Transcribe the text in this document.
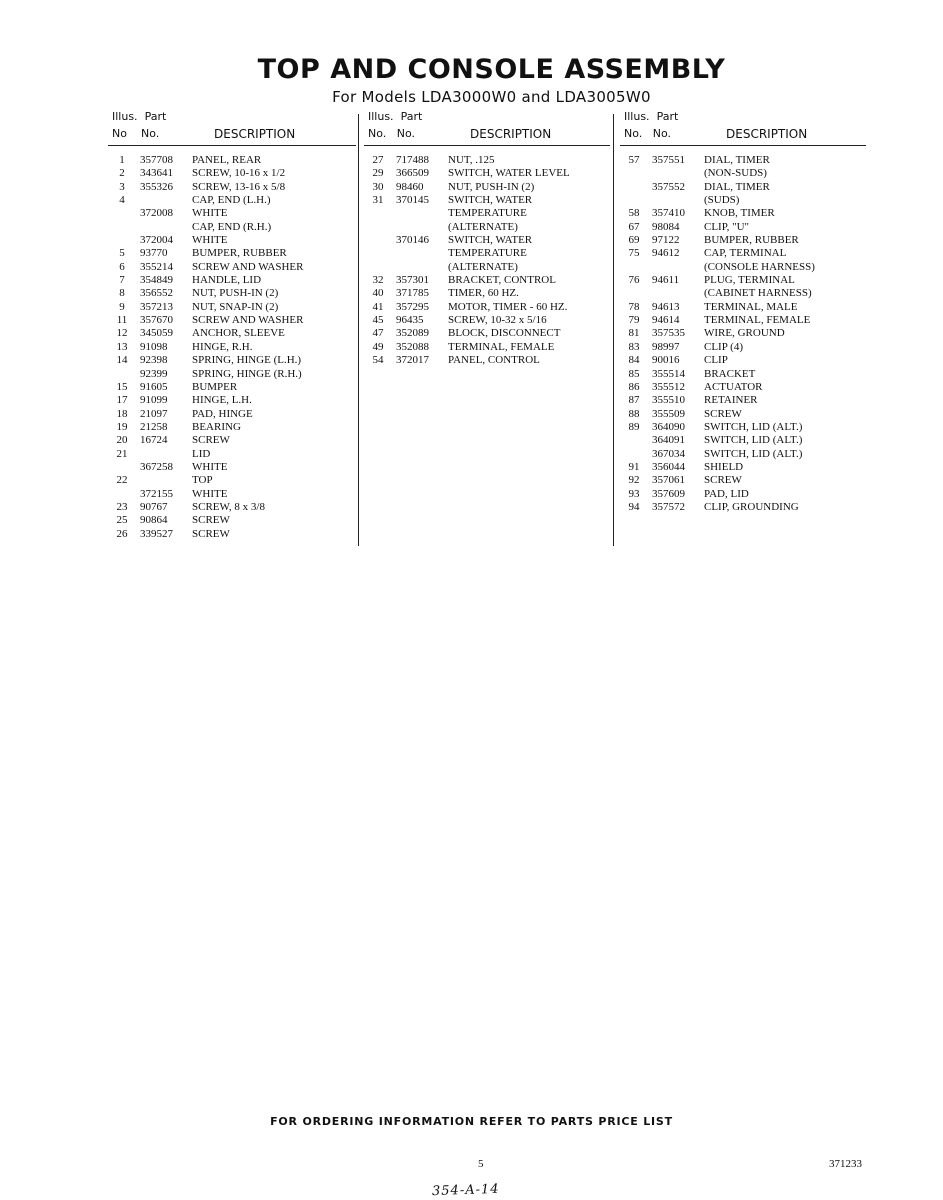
TOP AND CONSOLE ASSEMBLY
For Models LDA3000W0 and LDA3005W0
Illus. Part
No No.	DESCRIPTION
1	357708 PANEL, REAR
2	343641 SCREW, 10-16 x 1/2
3	355326 SCREW, 13-16 x 5/8
4	CAP, END (L.H.)
372008 WHITE
CAP, END (R.H.)
372004 WHITE
5	93770 BUMPER, RUBBER
6	355214 SCREW AND WASHER
7	354849 HANDLE, LID
8	356552 NUT, PUSH-IN (2)
9	357213 NUT, SNAP-IN (2)
11	357670 SCREW AND WASHER
12	345059 ANCHOR, SLEEVE
13	91098 HINGE, R.H.
14	92398 SPRING, HINGE (L.H.)
92399 SPRING, HINGE (R.H.)
15	91605 BUMPER
17	91099 HINGE, L.H.
18	21097 PAD, HINGE
19	21258 BEARING
20	16724 SCREW
21	LID
367258 WHITE
22	TOP
372155 WHITE
23	90767 SCREW, 8 x 3/8
25	90864 SCREW
26	339527 SCREW
Illus. Part
No. No.	DESCRIPTION
27	717488 NUT, .125
29	366509 SWITCH, WATER LEVEL
30	98460 NUT, PUSH-IN (2)
31	370145 SWITCH, WATER
TEMPERATURE
(ALTERNATE)
370146 SWITCH, WATER
TEMPERATURE
(ALTERNATE)
32	357301 BRACKET, CONTROL
40	371785 TIMER, 60 HZ.
41	357295 MOTOR, TIMER - 60 HZ.
45	96435 SCREW, 10-32 x 5/16
47	352089 BLOCK, DISCONNECT
49	352088 TERMINAL, FEMALE
54	372017 PANEL, CONTROL
Illus. Part
No. No.	DESCRIPTION
57	357551 DIAL, TIMER
(NON-SUDS)
357552 DIAL, TIMER
(SUDS)
58	357410 KNOB, TIMER
67	98084 CLIP, "U"
69	97122 BUMPER, RUBBER
75	94612 CAP, TERMINAL
(CONSOLE HARNESS)
76	94611 PLUG, TERMINAL
(CABINET HARNESS)
78	94613 TERMINAL, MALE
79	94614 TERMINAL, FEMALE
81	357535 WIRE, GROUND
83	98997 CLIP (4)
84	90016 CLIP
85	355514 BRACKET
86	355512 ACTUATOR
87	355510 RETAINER
88	355509 SCREW
89	364090 SWITCH, LID (ALT.)
364091 SWITCH, LID (ALT.)
367034 SWITCH, LID (ALT.)
91	356044 SHIELD
92	357061 SCREW
93	357609 PAD, LID
94	357572 CLIP, GROUNDING
FOR ORDERING INFORMATION REFER TO PARTS PRICE LIST
5	371233
354-A-14
